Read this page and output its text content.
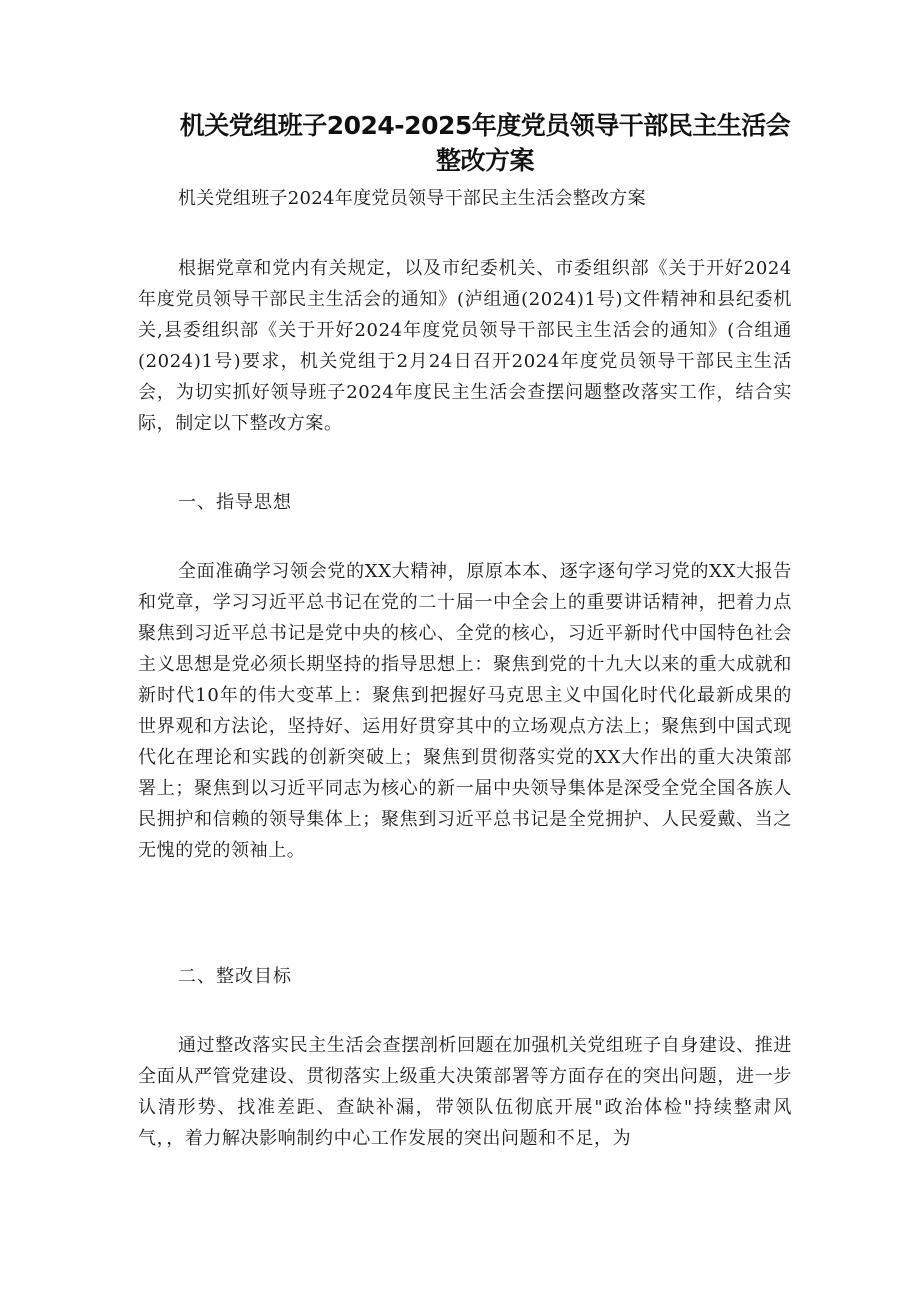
机关党组班子2024-2025年度党员领导干部民主生活会
整改方案

机关党组班子2024年度党员领导干部民主生活会整改方案

根据党章和党内有关规定，以及市纪委机关、市委组织部《关于开好2024年度党员领导干部民主生活会的通知》(泸组通(2024)1号)文件精神和县纪委机关,县委组织部《关于开好2024年度党员领导干部民主生活会的通知》(合组通(2024)1号)要求，机关党组于2月24日召开2024年度党员领导干部民主生活会，为切实抓好领导班子2024年度民主生活会查摆问题整改落实工作，结合实际，制定以下整改方案。

一、指导思想

全面准确学习领会党的XX大精神，原原本本、逐字逐句学习党的XX大报告和党章，学习习近平总书记在党的二十届一中全会上的重要讲话精神，把着力点聚焦到习近平总书记是党中央的核心、全党的核心，习近平新时代中国特色社会主义思想是党必须长期坚持的指导思想上：聚焦到党的十九大以来的重大成就和新时代10年的伟大变革上：聚焦到把握好马克思主义中国化时代化最新成果的世界观和方法论，坚持好、运用好贯穿其中的立场观点方法上；聚焦到中国式现代化在理论和实践的创新突破上；聚焦到贯彻落实党的XX大作出的重大决策部署上；聚焦到以习近平同志为核心的新一届中央领导集体是深受全党全国各族人民拥护和信赖的领导集体上；聚焦到习近平总书记是全党拥护、人民爱戴、当之无愧的党的领袖上。

二、整改目标

通过整改落实民主生活会查摆剖析回题在加强机关党组班子自身建设、推进全面从严管党建设、贯彻落实上级重大决策部署等方面存在的突出问题，进一步认清形势、找准差距、查缺补漏，带领队伍彻底开展"政治体检"持续整肃风气，，着力解决影响制约中心工作发展的突出问题和不足，为
